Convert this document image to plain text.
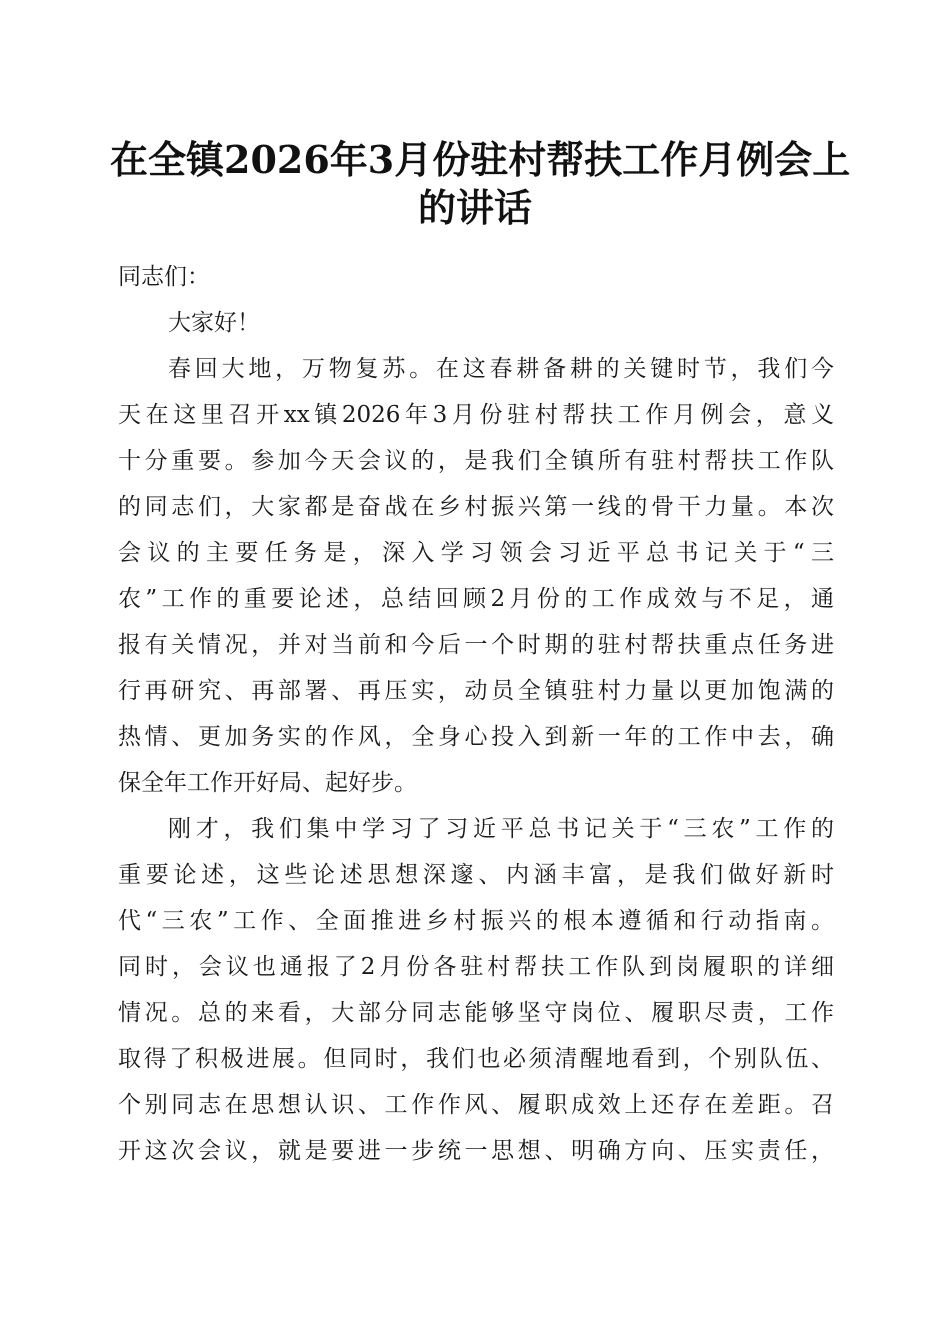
在全镇2026年3月份驻村帮扶工作月例会上
的讲话
同志们：
大家好！
春回大地，万物复苏。在这春耕备耕的关键时节，我们今
天在这里召开xx镇2026年3月份驻村帮扶工作月例会，意义
十分重要。参加今天会议的，是我们全镇所有驻村帮扶工作队
的同志们，大家都是奋战在乡村振兴第一线的骨干力量。本次
会议的主要任务是，深入学习领会习近平总书记关于“三
农”工作的重要论述，总结回顾2月份的工作成效与不足，通
报有关情况，并对当前和今后一个时期的驻村帮扶重点任务进
行再研究、再部署、再压实，动员全镇驻村力量以更加饱满的
热情、更加务实的作风，全身心投入到新一年的工作中去，确
保全年工作开好局、起好步。
刚才，我们集中学习了习近平总书记关于“三农”工作的
重要论述，这些论述思想深邃、内涵丰富，是我们做好新时
代“三农”工作、全面推进乡村振兴的根本遵循和行动指南。
同时，会议也通报了2月份各驻村帮扶工作队到岗履职的详细
情况。总的来看，大部分同志能够坚守岗位、履职尽责，工作
取得了积极进展。但同时，我们也必须清醒地看到，个别队伍、
个别同志在思想认识、工作作风、履职成效上还存在差距。召
开这次会议，就是要进一步统一思想、明确方向、压实责任，
